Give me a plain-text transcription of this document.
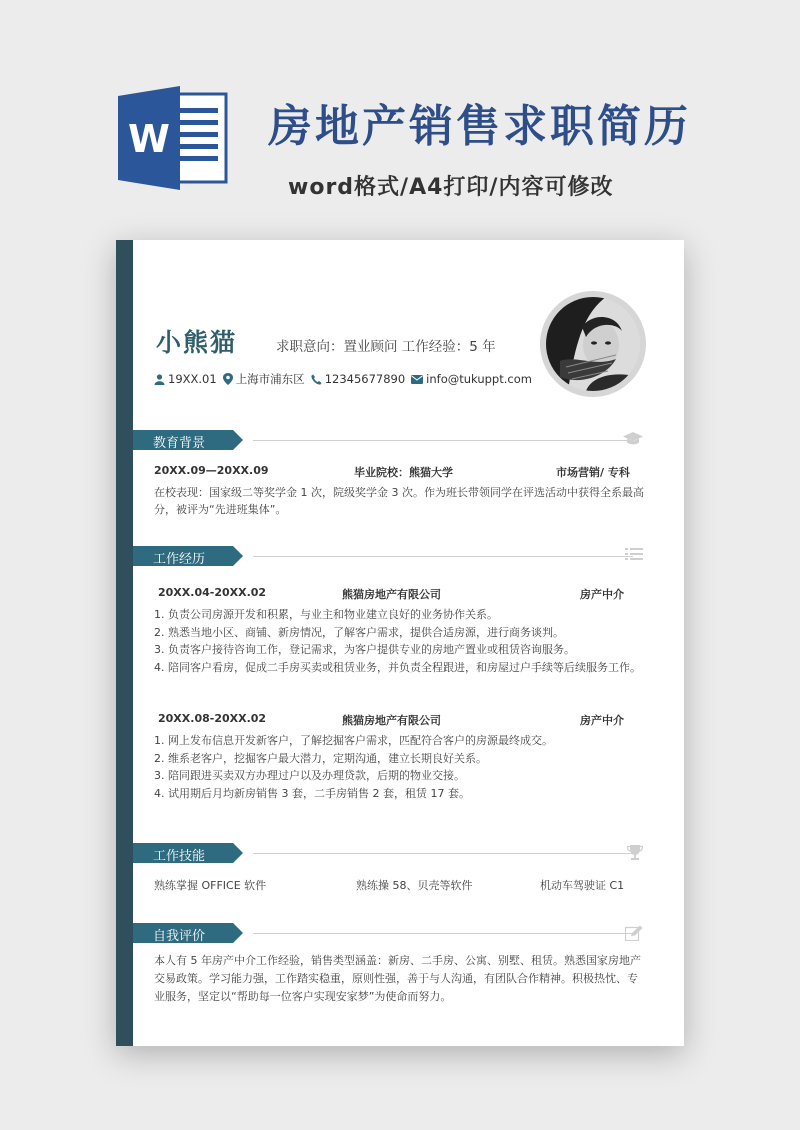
W 房地产销售求职简历
word格式/A4打印/内容可修改
小熊猫	求职意向：置业顾问 工作经验：5 年
19XX.01 上海市浦东区 12345677890 info@tukuppt.com
教育背景
20XX.09—20XX.09	毕业院校：熊猫大学	市场营销/ 专科
在校表现：国家级二等奖学金 1 次，院级奖学金 3 次。作为班长带领同学在评选活动中获得全系最高分，被评为“先进班集体”。
工作经历
20XX.04-20XX.02	熊猫房地产有限公司	房产中介
1. 负责公司房源开发和积累，与业主和物业建立良好的业务协作关系。
2. 熟悉当地小区、商铺、新房情况，了解客户需求，提供合适房源，进行商务谈判。
3. 负责客户接待咨询工作，登记需求，为客户提供专业的房地产置业或租赁咨询服务。
4. 陪同客户看房，促成二手房买卖或租赁业务，并负责全程跟进，和房屋过户手续等后续服务工作。
20XX.08-20XX.02	熊猫房地产有限公司	房产中介
1. 网上发布信息开发新客户，了解挖掘客户需求，匹配符合客户的房源最终成交。
2. 维系老客户，挖掘客户最大潜力，定期沟通，建立长期良好关系。
3. 陪同跟进买卖双方办理过户以及办理贷款，后期的物业交接。
4. 试用期后月均新房销售 3 套，二手房销售 2 套，租赁 17 套。
工作技能
熟练掌握 OFFICE 软件	熟练操 58、贝壳等软件	机动车驾驶证 C1
自我评价
本人有 5 年房产中介工作经验，销售类型涵盖：新房、二手房、公寓、别墅、租赁。熟悉国家房地产交易政策。学习能力强，工作踏实稳重，原则性强，善于与人沟通，有团队合作精神。积极热忱、专业服务，坚定以“帮助每一位客户实现安家梦”为使命而努力。
